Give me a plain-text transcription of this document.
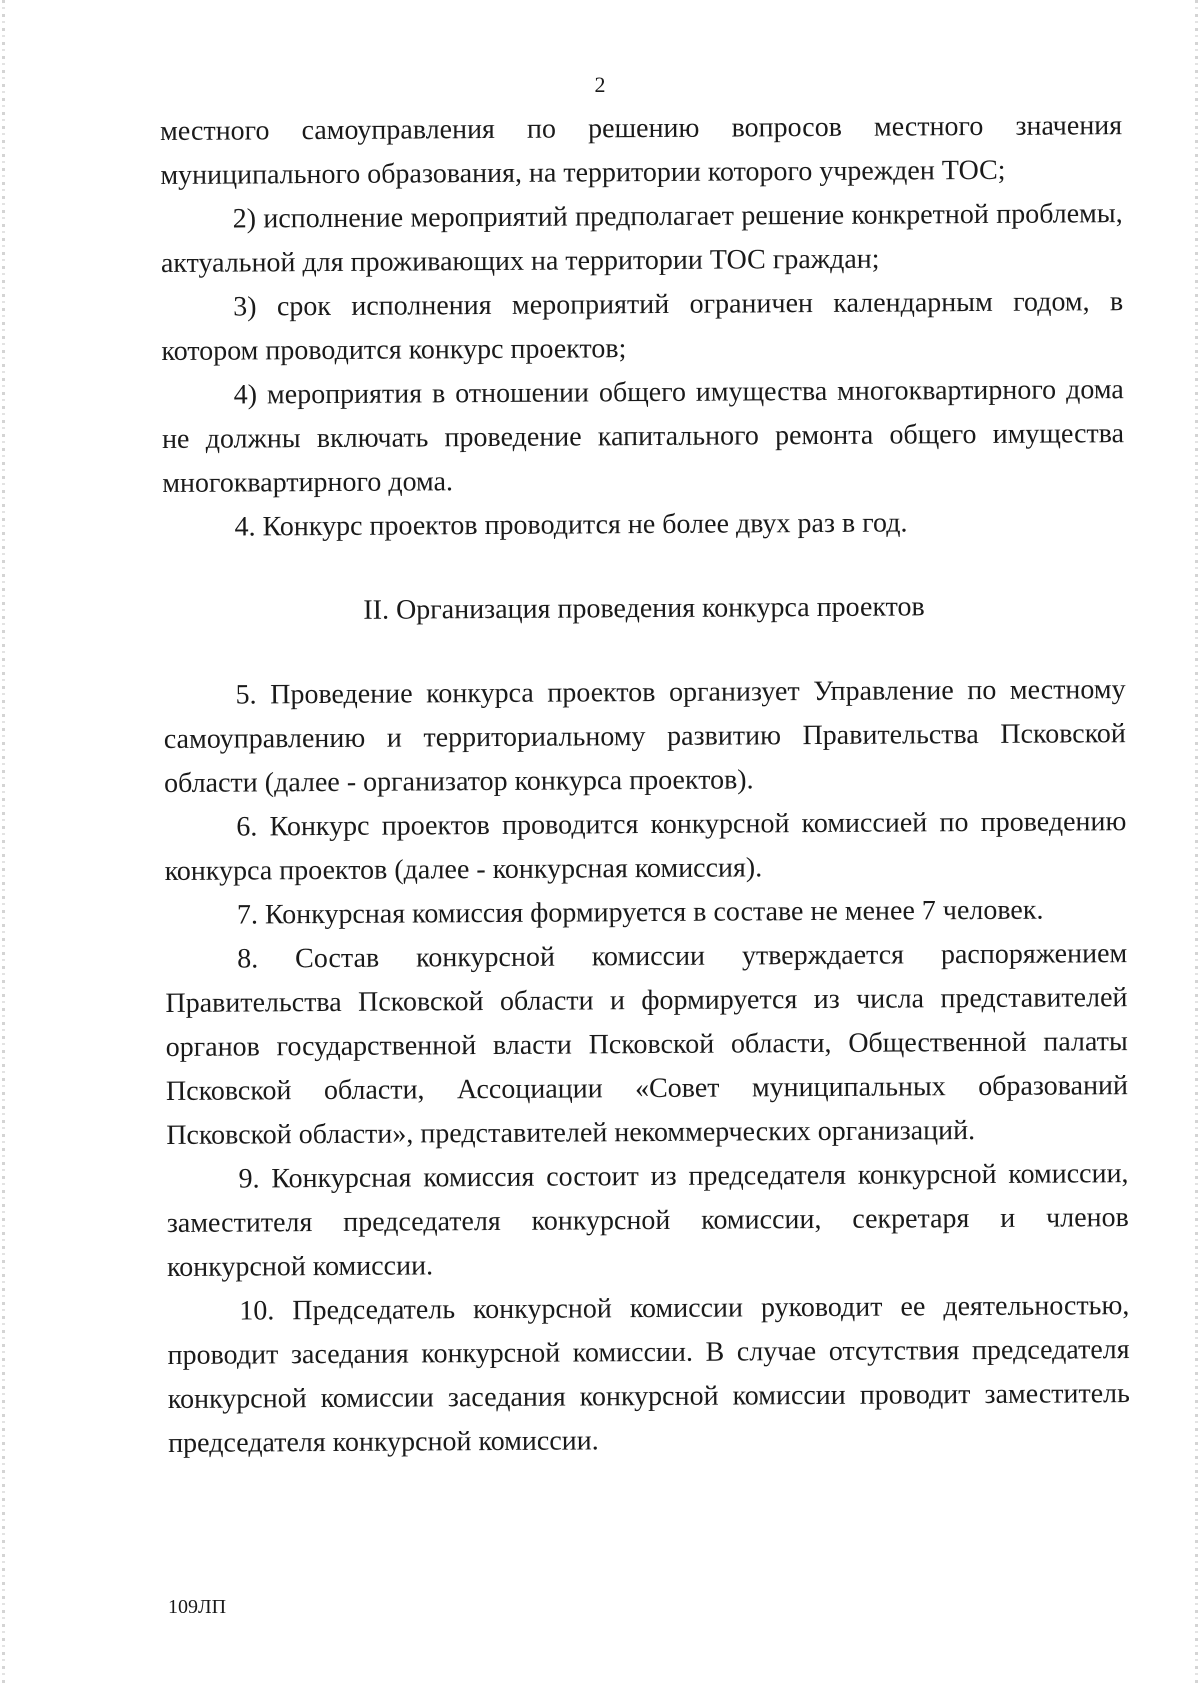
2

местного самоуправления по решению вопросов местного значения муниципального образования, на территории которого учрежден ТОС;

2) исполнение мероприятий предполагает решение конкретной проблемы, актуальной для проживающих на территории ТОС граждан;

3) срок исполнения мероприятий ограничен календарным годом, в котором проводится конкурс проектов;

4) мероприятия в отношении общего имущества многоквартирного дома не должны включать проведение капитального ремонта общего имущества многоквартирного дома.

4. Конкурс проектов проводится не более двух раз в год.

II. Организация проведения конкурса проектов

5. Проведение конкурса проектов организует Управление по местному самоуправлению и территориальному развитию Правительства Псковской области (далее - организатор конкурса проектов).

6. Конкурс проектов проводится конкурсной комиссией по проведению конкурса проектов (далее - конкурсная комиссия).

7. Конкурсная комиссия формируется в составе не менее 7 человек.

8. Состав конкурсной комиссии утверждается распоряжением Правительства Псковской области и формируется из числа представителей органов государственной власти Псковской области, Общественной палаты Псковской области, Ассоциации «Совет муниципальных образований Псковской области», представителей некоммерческих организаций.

9. Конкурсная комиссия состоит из председателя конкурсной комиссии, заместителя председателя конкурсной комиссии, секретаря и членов конкурсной комиссии.

10. Председатель конкурсной комиссии руководит ее деятельностью, проводит заседания конкурсной комиссии. В случае отсутствия председателя конкурсной комиссии заседания конкурсной комиссии проводит заместитель председателя конкурсной комиссии.

109ЛП
